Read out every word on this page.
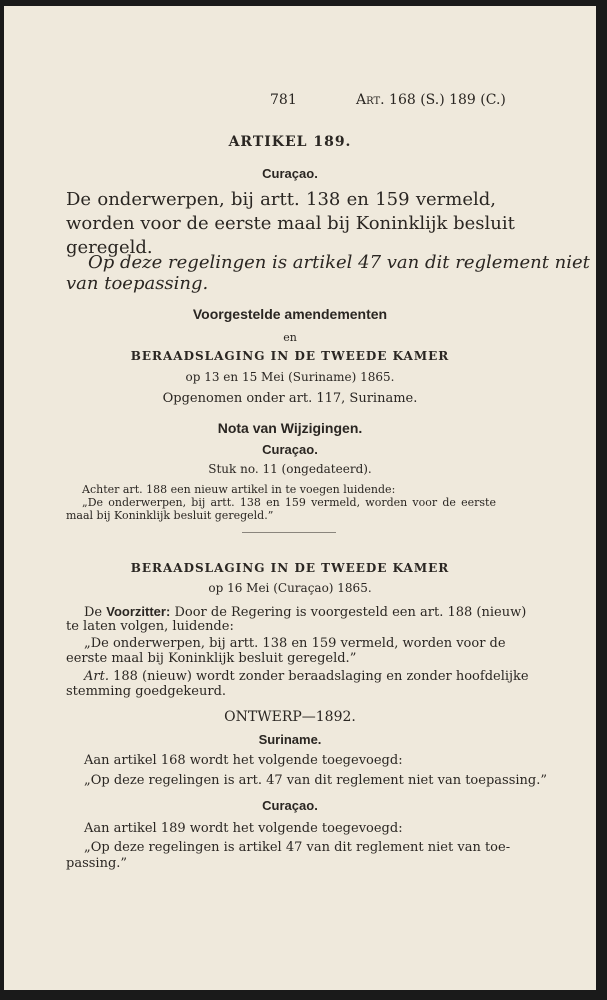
781	Art. 168 (S.) 189 (C.)
ARTIKEL 189.
Curaçao.
De onderwerpen, bij artt. 138 en 159 vermeld,
worden voor de eerste maal bij Koninklijk besluit
geregeld.
Op deze regelingen is artikel 47 van dit reglement niet
van toepassing.
Voorgestelde amendementen
en
BERAADSLAGING IN DE TWEEDE KAMER
op 13 en 15 Mei (Suriname) 1865.
Opgenomen onder art. 117, Suriname.
Nota van Wijzigingen.
Curaçao.
Stuk no. 11 (ongedateerd).
Achter art. 188 een nieuw artikel in te voegen luidende:
„De onderwerpen, bij artt. 138 en 159 vermeld, worden voor de eerste
maal bij Koninklijk besluit geregeld.”
BERAADSLAGING IN DE TWEEDE KAMER
op 16 Mei (Curaçao) 1865.
De Voorzitter: Door de Regering is voorgesteld een art. 188 (nieuw)
te laten volgen, luidende:
„De onderwerpen, bij artt. 138 en 159 vermeld, worden voor de
eerste maal bij Koninklijk besluit geregeld.”
Art. 188 (nieuw) wordt zonder beraadslaging en zonder hoofdelijke
stemming goedgekeurd.
ONTWERP—1892.
Suriname.
Aan artikel 168 wordt het volgende toegevoegd:
„Op deze regelingen is art. 47 van dit reglement niet van toepassing.”
Curaçao.
Aan artikel 189 wordt het volgende toegevoegd:
„Op deze regelingen is artikel 47 van dit reglement niet van toe-
passing.”
